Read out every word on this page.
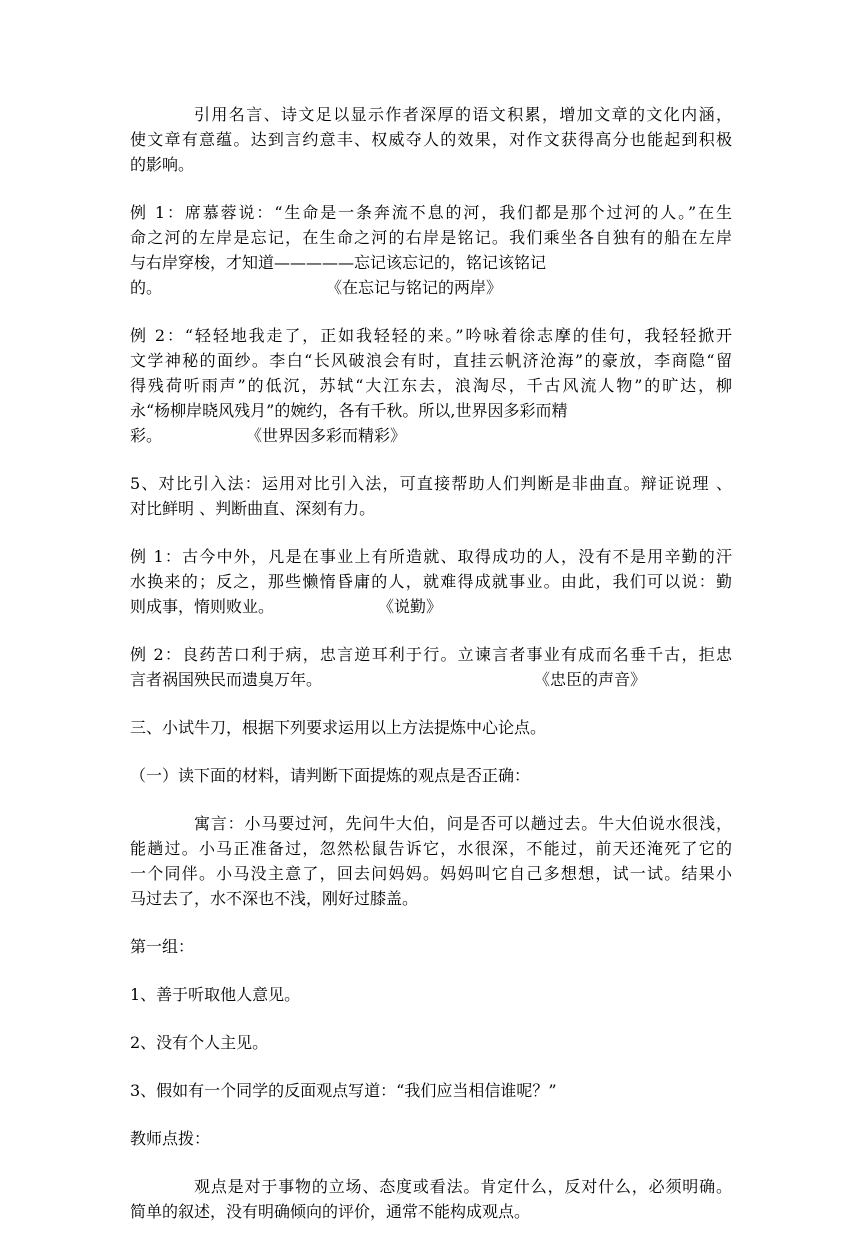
引用名言、诗文足以显示作者深厚的语文积累，增加文章的文化内涵，
使文章有意蕴。达到言约意丰、权威夺人的效果，对作文获得高分也能起到积极
的影响。

例 1：席慕蓉说：“生命是一条奔流不息的河，我们都是那个过河的人。”在生
命之河的左岸是忘记，在生命之河的右岸是铭记。我们乘坐各自独有的船在左岸
与右岸穿梭，才知道—————忘记该忘记的，铭记该铭记
的。	《在忘记与铭记的两岸》

例 2：“轻轻地我走了，正如我轻轻的来。”吟咏着徐志摩的佳句，我轻轻掀开
文学神秘的面纱。李白“长风破浪会有时，直挂云帆济沧海”的豪放，李商隐“留
得残荷听雨声”的低沉，苏轼“大江东去，浪淘尽，千古风流人物”的旷达，柳
永“杨柳岸晓风残月”的婉约，各有千秋。所以,世界因多彩而精
彩。	《世界因多彩而精彩》

5、对比引入法：运用对比引入法，可直接帮助人们判断是非曲直。辩证说理 、
对比鲜明 、判断曲直、深刻有力。

例 1：古今中外，凡是在事业上有所造就、取得成功的人，没有不是用辛勤的汗
水换来的；反之，那些懒惰昏庸的人，就难得成就事业。由此，我们可以说：勤
则成事，惰则败业。	《说勤》

例 2：良药苦口利于病，忠言逆耳利于行。立谏言者事业有成而名垂千古，拒忠
言者祸国殃民而遗臭万年。	《忠臣的声音》

三、小试牛刀，根据下列要求运用以上方法提炼中心论点。

（一）读下面的材料，请判断下面提炼的观点是否正确：

寓言：小马要过河，先问牛大伯，问是否可以趟过去。牛大伯说水很浅，
能趟过。小马正准备过，忽然松鼠告诉它，水很深，不能过，前天还淹死了它的
一个同伴。小马没主意了，回去问妈妈。妈妈叫它自己多想想，试一试。结果小
马过去了，水不深也不浅，刚好过膝盖。

第一组：

1、善于听取他人意见。

2、没有个人主见。

3、假如有一个同学的反面观点写道：“我们应当相信谁呢？”

教师点拨：

观点是对于事物的立场、态度或看法。肯定什么，反对什么，必须明确。
简单的叙述，没有明确倾向的评价，通常不能构成观点。
